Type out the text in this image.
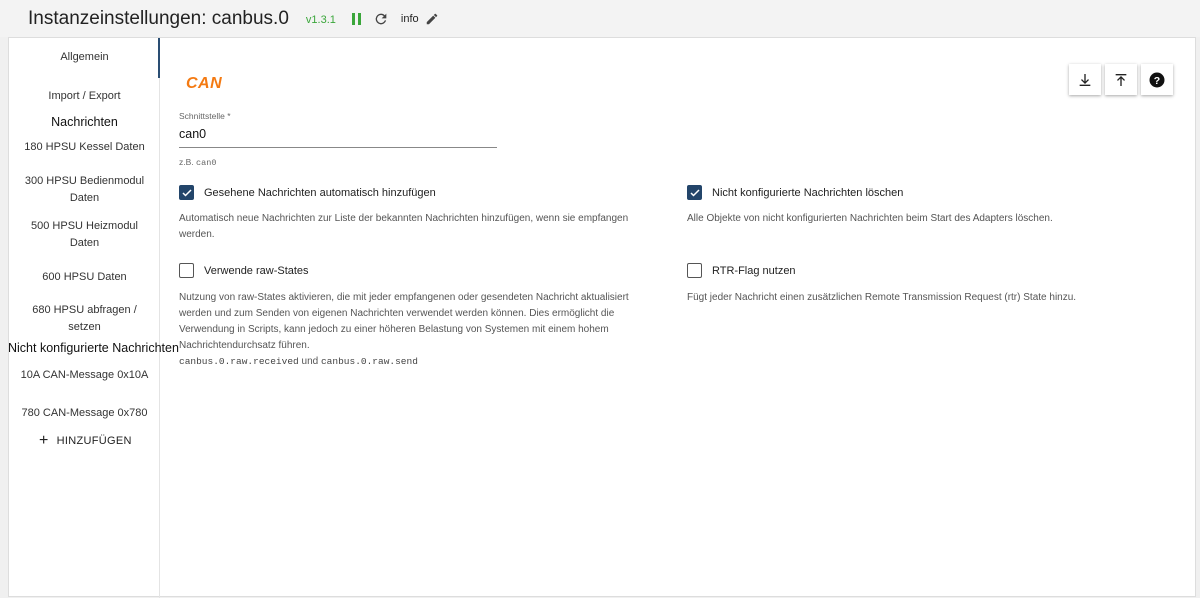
Instanzeinstellungen: canbus.0 v1.3.1	info
Allgemein
Import / Export
Nachrichten
180 HPSU Kessel Daten
300 HPSU Bedienmodul Daten
500 HPSU Heizmodul Daten
600 HPSU Daten
680 HPSU abfragen / setzen
Nicht konfigurierte Nachrichten
10A CAN-Message 0x10A
780 CAN-Message 0x780
+ HINZUFÜGEN
CAN	?
Schnittstelle *
can0
z.B. can0
Gesehene Nachrichten automatisch hinzufügen
Automatisch neue Nachrichten zur Liste der bekannten Nachrichten hinzufügen, wenn sie empfangen werden.
Nicht konfigurierte Nachrichten löschen
Alle Objekte von nicht konfigurierten Nachrichten beim Start des Adapters löschen.
Verwende raw-States
Nutzung von raw-States aktivieren, die mit jeder empfangenen oder gesendeten Nachricht aktualisiert werden und zum Senden von eigenen Nachrichten verwendet werden können. Dies ermöglicht die Verwendung in Scripts, kann jedoch zu einer höheren Belastung von Systemen mit einem hohem Nachrichtendurchsatz führen.
canbus.0.raw.received und canbus.0.raw.send
RTR-Flag nutzen
Fügt jeder Nachricht einen zusätzlichen Remote Transmission Request (rtr) State hinzu.
